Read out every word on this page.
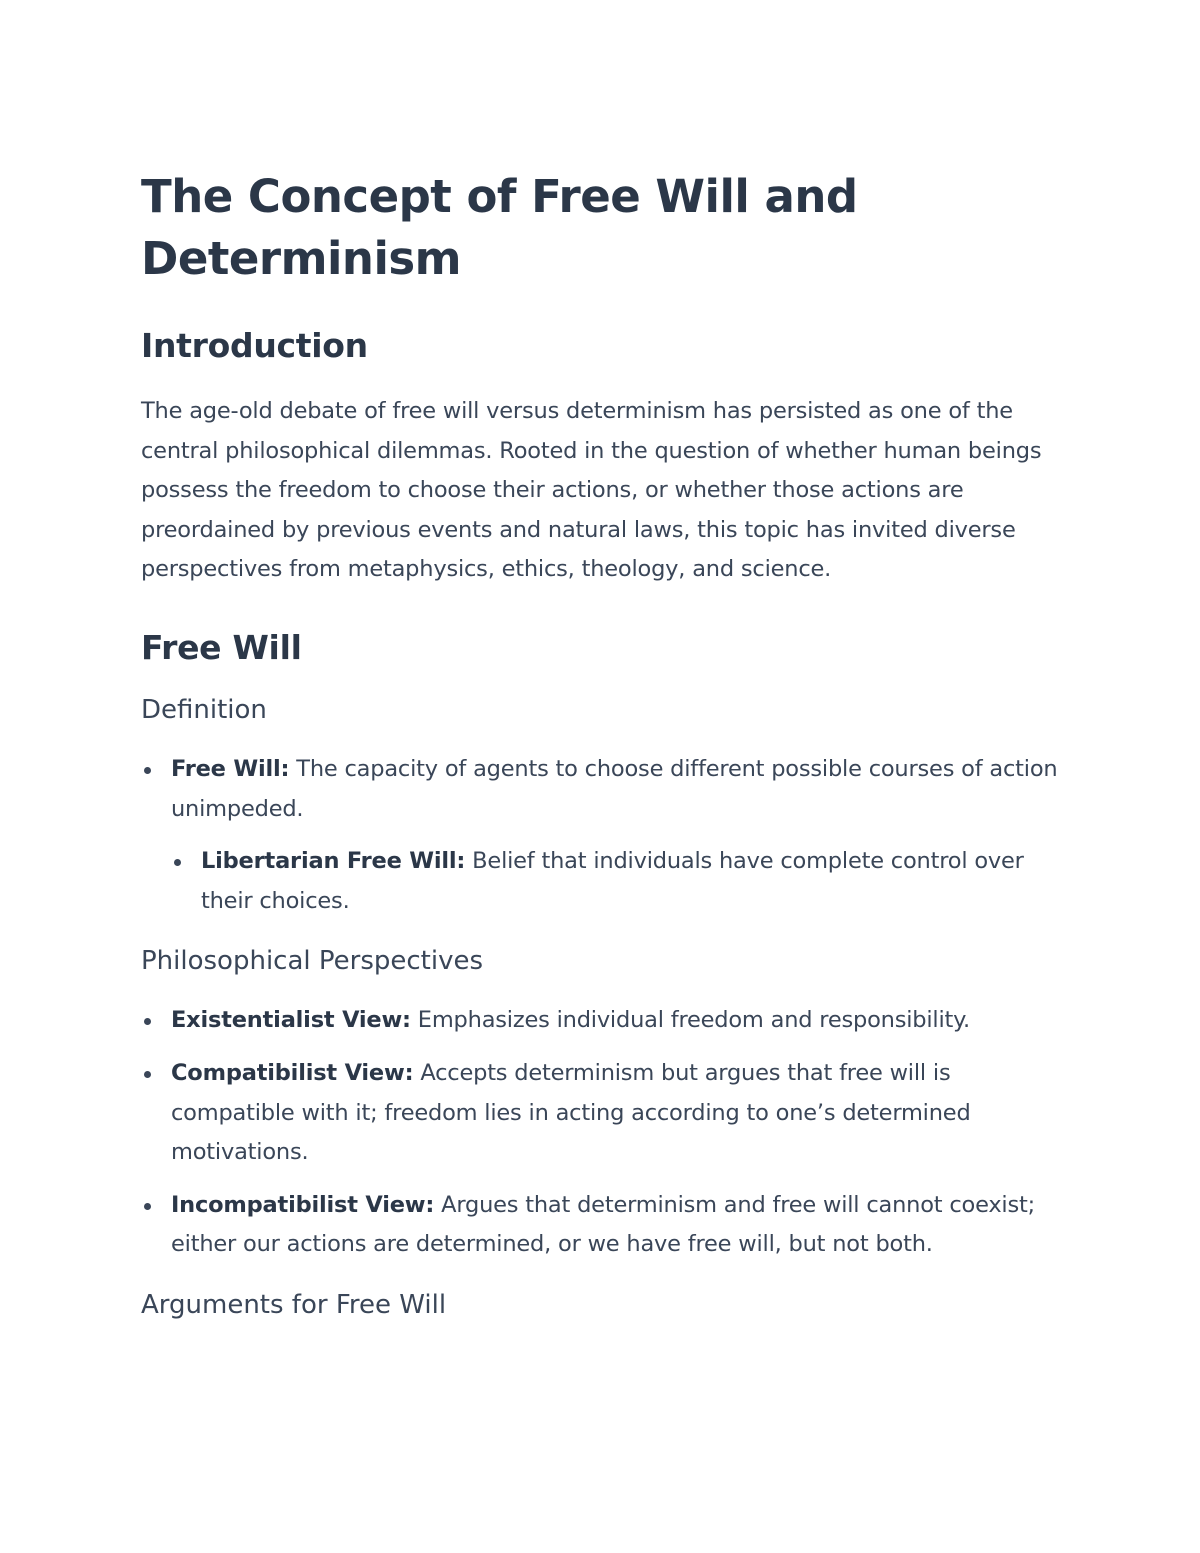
The Concept of Free Will and Determinism
Introduction

The age-old debate of free will versus determinism has persisted as one of the central philosophical dilemmas. Rooted in the question of whether human beings possess the freedom to choose their actions, or whether those actions are preordained by previous events and natural laws, this topic has invited diverse perspectives from metaphysics, ethics, theology, and science.

Free Will
Definition
Free Will: The capacity of agents to choose different possible courses of action unimpeded.
Libertarian Free Will: Belief that individuals have complete control over their choices.
Philosophical Perspectives
Existentialist View: Emphasizes individual freedom and responsibility.
Compatibilist View: Accepts determinism but argues that free will is compatible with it; freedom lies in acting according to one’s determined motivations.
Incompatibilist View: Argues that determinism and free will cannot coexist; either our actions are determined, or we have free will, but not both.
Arguments for Free Will
